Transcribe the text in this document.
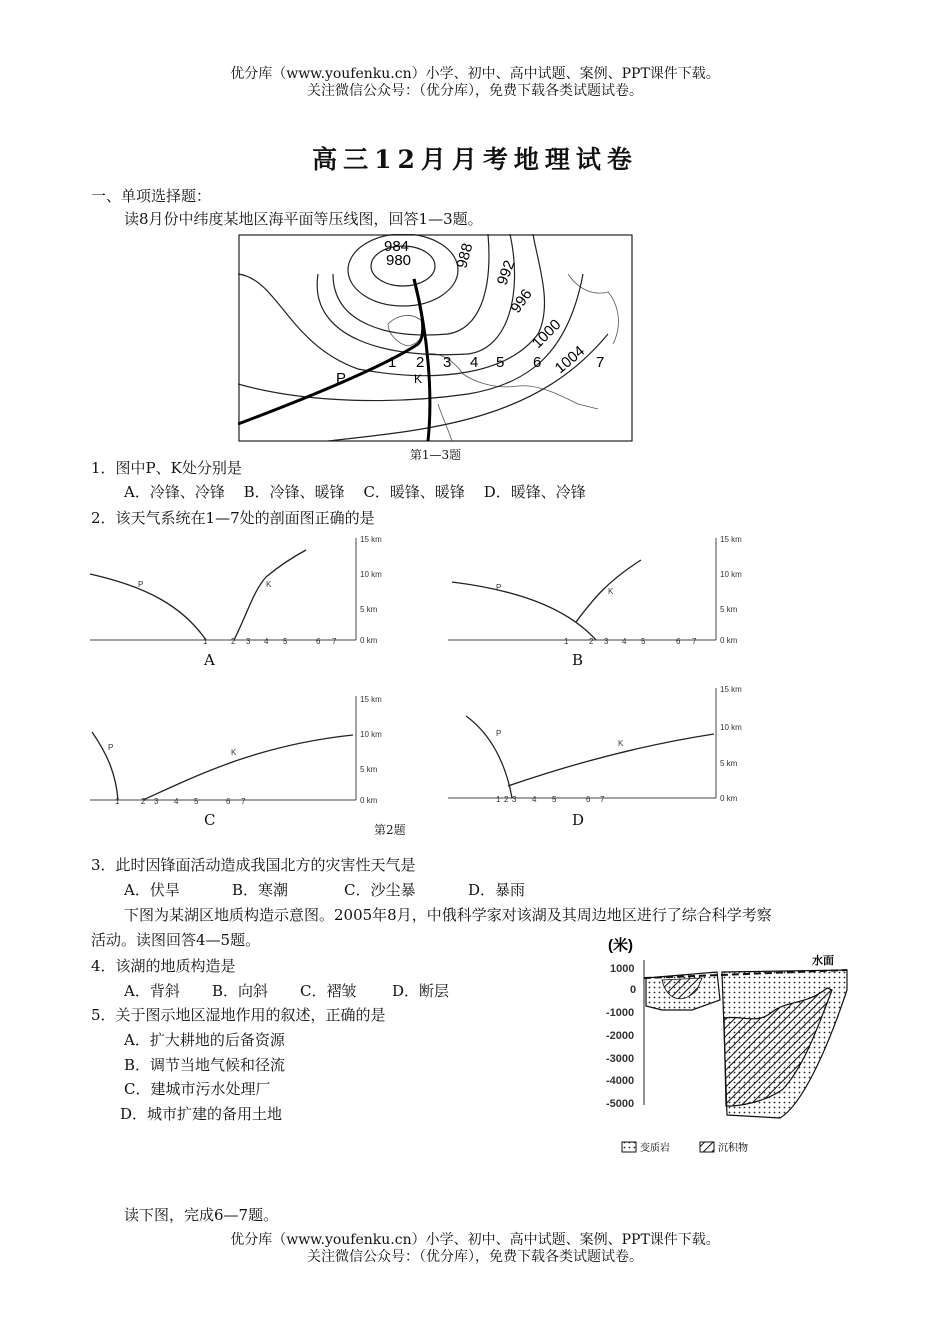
优分库（www.youfenku.cn）小学、初中、高中试题、案例、PPT课件下载。
关注微信公众号：（优分库），免费下载各类试题试卷。
高三12月月考地理试卷
一、单项选择题：
读8月份中纬度某地区海平面等压线图，回答1—3题。
984
980	988
992
996
1000
1004
1 2 3 4 5 6	7
P	K
第1—3题
1．图中P、K处分别是
A．冷锋、冷锋 B．冷锋、暖锋 C．暖锋、暖锋 D．暖锋、冷锋
2．该天气系统在1—7处的剖面图正确的是
P	K
1	2 3 4 5	6 7
15 km
10 km
5 km
0 km
A
P	K
1	2 3 4 5	6 7
15 km
10 km
5 km
0 km
B
P
K
1	2 3 4 5	6 7
15 km
10 km
5 km
0 km
C
第2题
P
K
1 2 3 4 5	6 7
15 km
10 km
5 km
0 km
D
3．此时因锋面活动造成我国北方的灾害性天气是
A．伏旱	B．寒潮	C．沙尘暴	D．暴雨
下图为某湖区地质构造示意图。2005年8月，中俄科学家对该湖及其周边地区进行了综合科学考察
活动。读图回答4—5题。
4．该湖的地质构造是
A．背斜 B．向斜 C．褶皱 D．断层
5．关于图示地区湿地作用的叙述，正确的是
A．扩大耕地的后备资源
B．调节当地气候和径流
C．建城市污水处理厂
D．城市扩建的备用土地
(米)
1000
0
-1000
-2000
-3000
-4000
-5000
水面
变质岩	沉积物
读下图，完成6—7题。
优分库（www.youfenku.cn）小学、初中、高中试题、案例、PPT课件下载。
关注微信公众号：（优分库），免费下载各类试题试卷。
